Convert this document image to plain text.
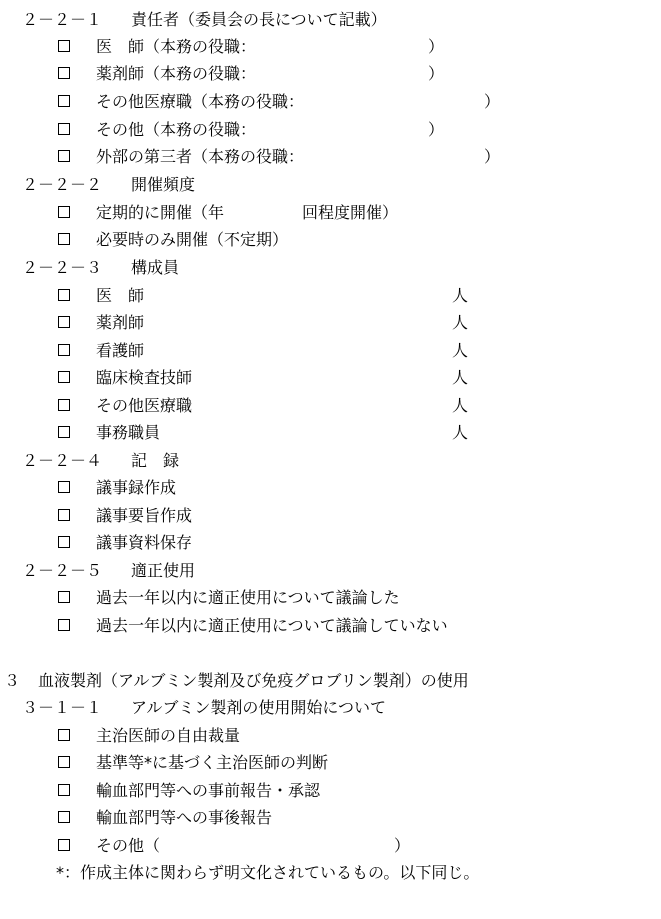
２－２－１ 責任者（委員会の長について記載）
医　師（本務の役職：	）
薬剤師（本務の役職：	）
その他医療職（本務の役職：	）
その他（本務の役職：	）
外部の第三者（本務の役職：	）
２－２－２ 開催頻度
定期的に開催（年	回程度開催）
必要時のみ開催（不定期）
２－２－３ 構成員
医　師	人
薬剤師	人
看護師	人
臨床検査技師	人
その他医療職	人
事務職員	人
２－２－４ 記　録
議事録作成
議事要旨作成
議事資料保存
２－２－５ 適正使用
過去一年以内に適正使用について議論した
過去一年以内に適正使用について議論していない
３ 血液製剤（アルブミン製剤及び免疫グロブリン製剤）の使用
３－１－１ アルブミン製剤の使用開始について
主治医師の自由裁量
基準等*に基づく主治医師の判断
輸血部門等への事前報告・承認
輸血部門等への事後報告
その他（	）
*：作成主体に関わらず明文化されているもの。以下同じ。
